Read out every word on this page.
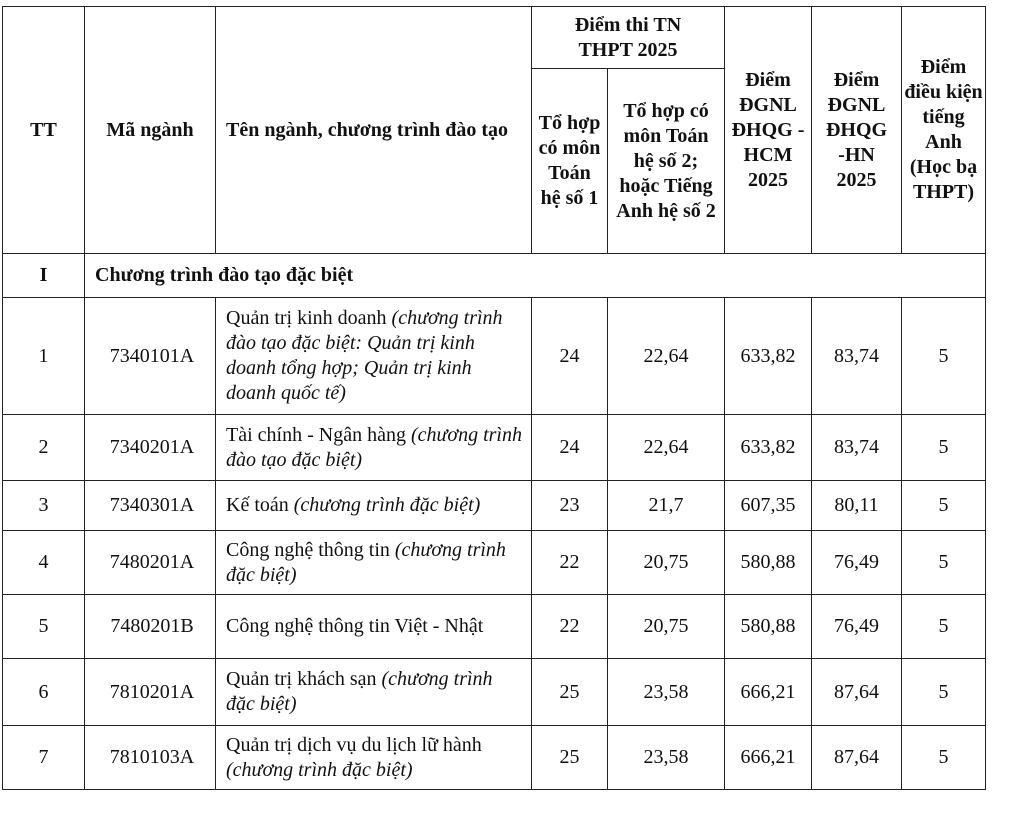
TT	Mã ngành	Tên ngành, chương trình đào tạo	Điểm thi TN THPT 2025		Điểm ĐGNL ĐHQG -HCM 2025	Điểm ĐGNL ĐHQG -HN 2025	Điểm điều kiện tiếng Anh (Học bạ THPT)
			Tổ hợp có môn Toán hệ số 1	Tổ hợp có môn Toán hệ số 2; hoặc Tiếng Anh hệ số 2			
I	Chương trình đào tạo đặc biệt						
1	7340101A	Quản trị kinh doanh (chương trình đào tạo đặc biệt: Quản trị kinh doanh tổng hợp; Quản trị kinh doanh quốc tế)	24	22,64	633,82	83,74	5
2	7340201A	Tài chính - Ngân hàng (chương trình đào tạo đặc biệt)	24	22,64	633,82	83,74	5
3	7340301A	Kế toán (chương trình đặc biệt)	23	21,7	607,35	80,11	5
4	7480201A	Công nghệ thông tin (chương trình đặc biệt)	22	20,75	580,88	76,49	5
5	7480201B	Công nghệ thông tin Việt - Nhật	22	20,75	580,88	76,49	5
6	7810201A	Quản trị khách sạn (chương trình đặc biệt)	25	23,58	666,21	87,64	5
7	7810103A	Quản trị dịch vụ du lịch lữ hành (chương trình đặc biệt)	25	23,58	666,21	87,64	5
